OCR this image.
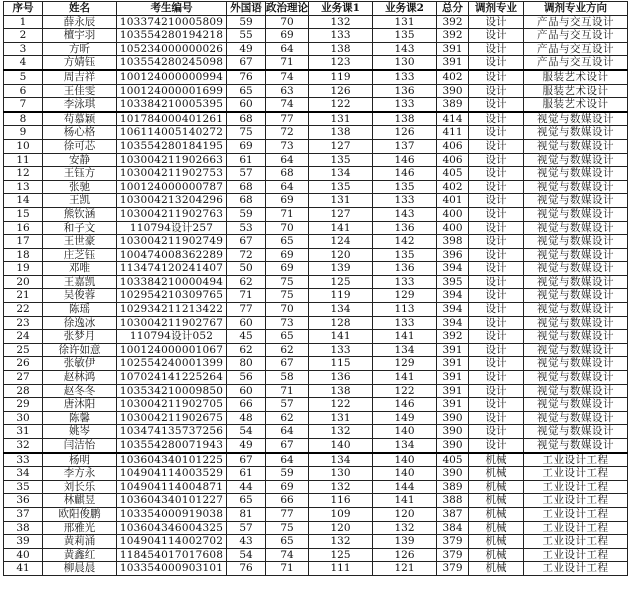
序号	姓名	考生编号	外国语	政治理论	业务课1	业务课2	总分	调剂专业	调剂专业方向
1	薛永辰	103374210005809	59	70	132	131	392	设计	产品与交互设计
2	檀宇羽	103554280194218	55	69	133	135	392	设计	产品与交互设计
3	方昕	105234000000026	49	64	138	143	391	设计	产品与交互设计
4	方婧钰	103554280245098	67	71	123	130	391	设计	产品与交互设计
5	周吉祥	100124000000994	76	74	119	133	402	设计	服装艺术设计
6	王佳雯	100124000001699	65	63	126	136	390	设计	服装艺术设计
7	李泳琪	103384210005395	60	74	122	133	389	设计	服装艺术设计
8	苟慕颖	101784000401261	68	77	131	138	414	设计	视觉与数媒设计
9	杨心格	106114005140272	75	72	138	126	411	设计	视觉与数媒设计
10	徐可芯	103554280184195	69	73	127	137	406	设计	视觉与数媒设计
11	安静	103004211902663	61	64	135	146	406	设计	视觉与数媒设计
12	王钰方	103004211902753	57	68	134	146	405	设计	视觉与数媒设计
13	张驰	100124000000787	68	64	135	135	402	设计	视觉与数媒设计
14	王凯	103004213204296	68	69	131	133	401	设计	视觉与数媒设计
15	熊钦涵	103004211902763	59	71	127	143	400	设计	视觉与数媒设计
16	和子文	110794设计257	53	70	141	136	400	设计	视觉与数媒设计
17	王世豪	103004211902749	67	65	124	142	398	设计	视觉与数媒设计
18	庄芝钰	100474008362289	72	69	120	135	396	设计	视觉与数媒设计
19	邓唯	113474120241407	50	69	139	136	394	设计	视觉与数媒设计
20	王嘉凯	103384210000494	62	75	125	133	395	设计	视觉与数媒设计
21	吴俊蓉	102954210309765	71	75	119	129	394	设计	视觉与数媒设计
22	陈瑶	102934211213422	77	70	134	113	394	设计	视觉与数媒设计
23	徐逸冰	103004211902767	60	73	128	133	394	设计	视觉与数媒设计
24	张梦月	110794设计052	45	65	141	141	392	设计	视觉与数媒设计
25	徐许如意	100124000001067	62	62	133	134	391	设计	视觉与数媒设计
26	张敏伊	102554240001399	80	67	115	129	391	设计	视觉与数媒设计
27	赵林鸿	107024141225264	56	58	136	141	391	设计	视觉与数媒设计
28	赵冬冬	103534210009850	60	71	138	122	391	设计	视觉与数媒设计
29	唐沐阳	103004211902705	66	57	122	146	391	设计	视觉与数媒设计
30	陈馨	103004211902675	48	62	131	149	390	设计	视觉与数媒设计
31	姚岑	103474135737256	54	64	132	140	390	设计	视觉与数媒设计
32	闫洁怡	103554280071943	49	67	140	134	390	设计	视觉与数媒设计
33	杨明	103604340101225	67	64	134	140	405	机械	工业设计工程
34	李方永	104904114003529	61	59	130	140	390	机械	工业设计工程
35	刘长乐	104904114004871	44	69	132	144	389	机械	工业设计工程
36	林麒昱	103604340101227	65	66	116	141	388	机械	工业设计工程
37	欧阳俊鹏	103354000919038	81	77	109	120	387	机械	工业设计工程
38	邢雅光	103604346004325	57	75	120	132	384	机械	工业设计工程
39	黄莉涌	104904114002702	43	65	132	139	379	机械	工业设计工程
40	黄鑫红	118454017017608	54	74	125	126	379	机械	工业设计工程
41	柳晨晨	103354000903101	76	71	111	121	379	机械	工业设计工程
